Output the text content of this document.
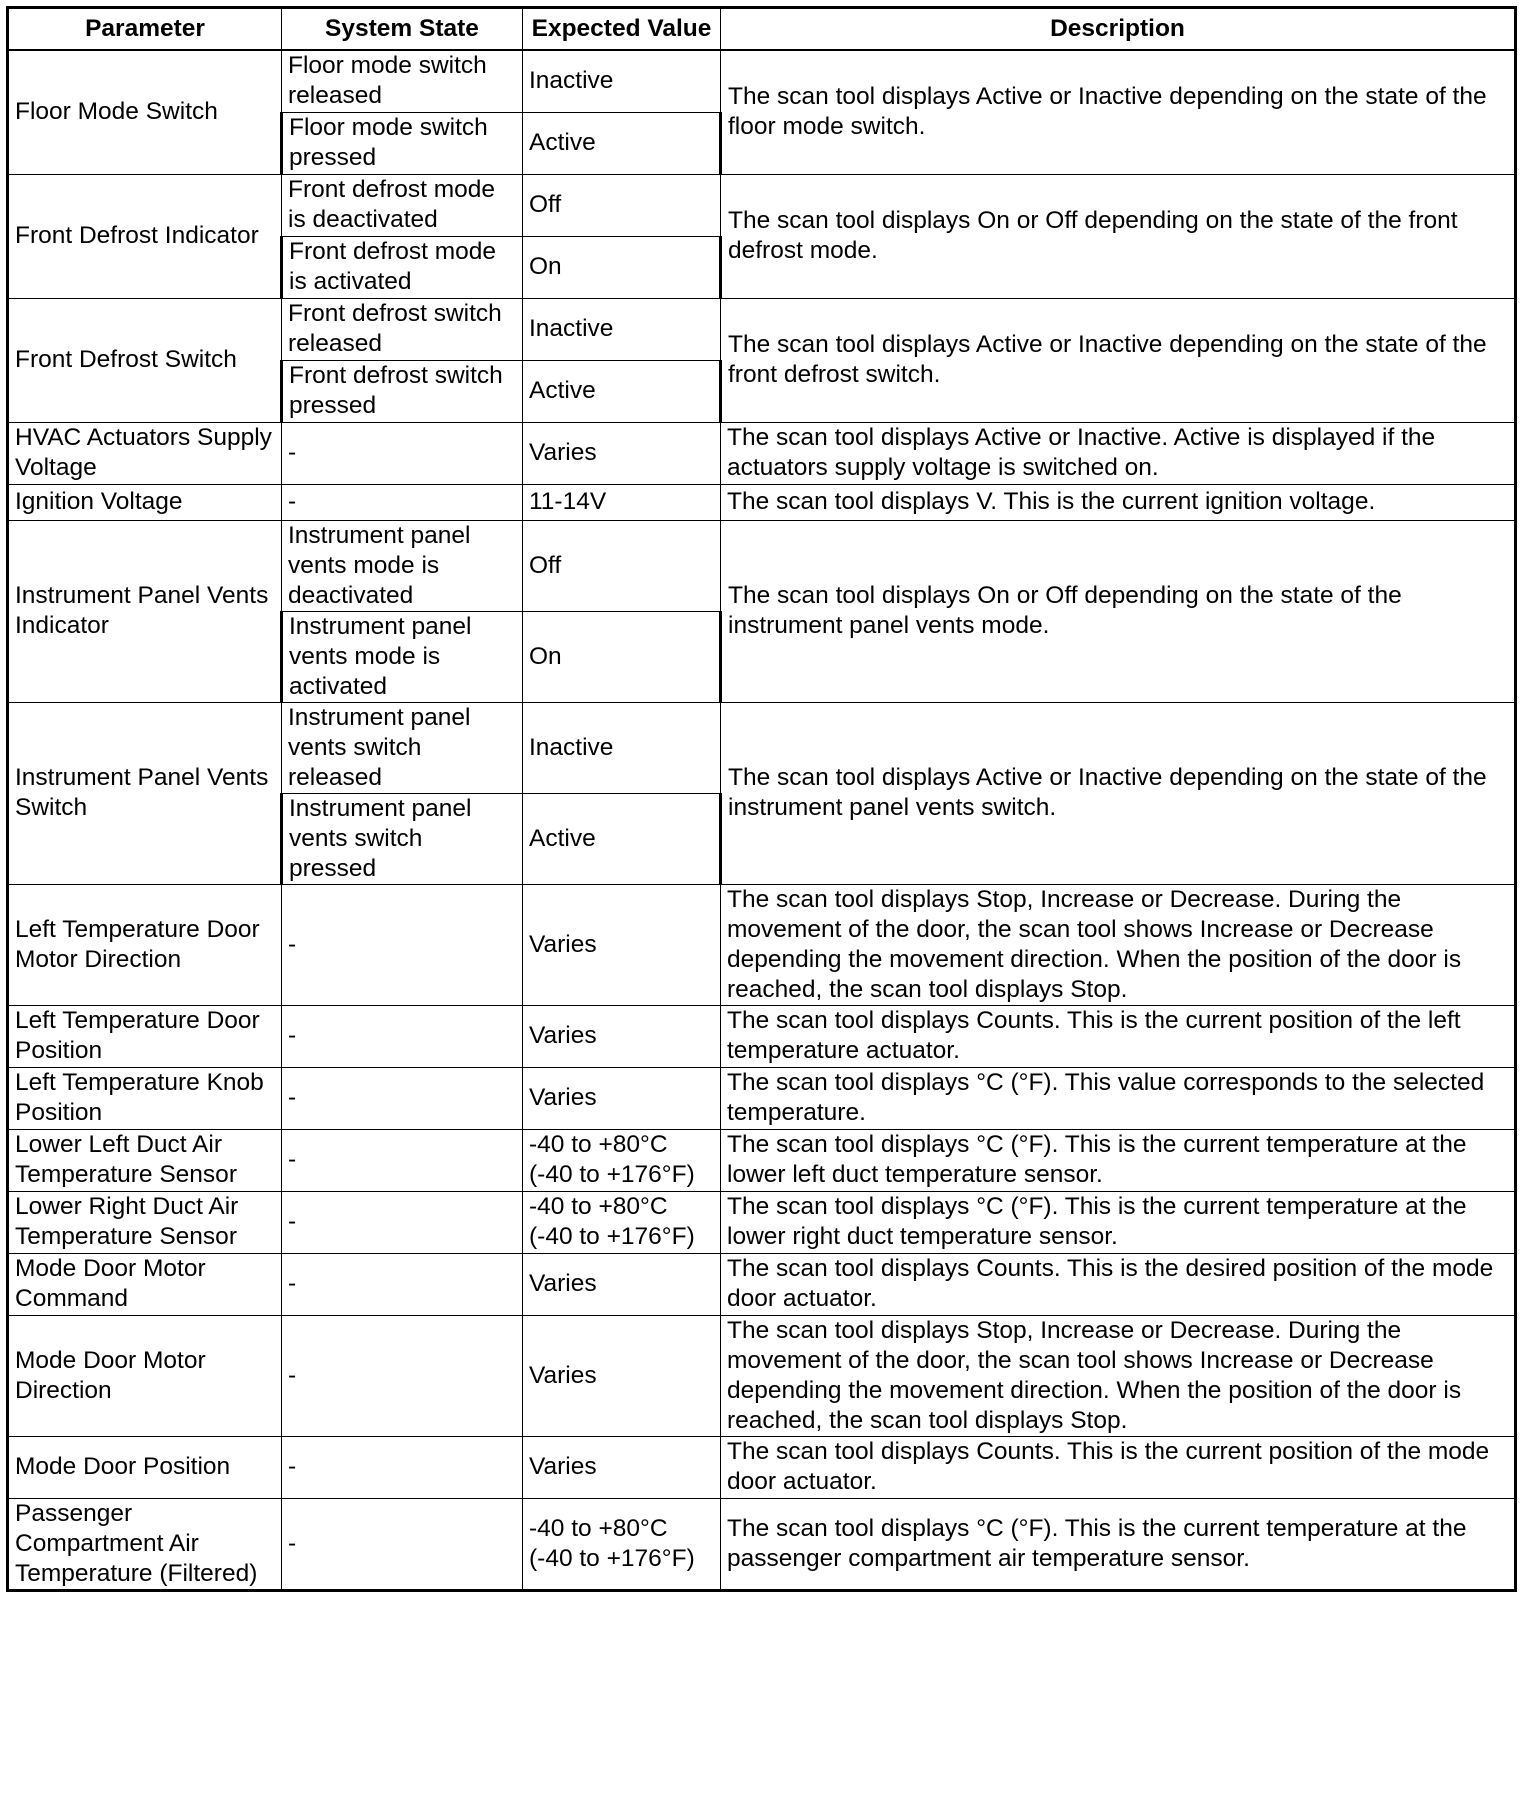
Parameter	System State	Expected Value	Description
Floor Mode Switch	Floor mode switch released	Inactive	The scan tool displays Active or Inactive depending on the state of the floor mode switch.
	Floor mode switch pressed	Active	
Front Defrost Indicator	Front defrost mode is deactivated	Off	The scan tool displays On or Off depending on the state of the front defrost mode.
	Front defrost mode is activated	On	
Front Defrost Switch	Front defrost switch released	Inactive	The scan tool displays Active or Inactive depending on the state of the front defrost switch.
	Front defrost switch pressed	Active	
HVAC Actuators Supply Voltage	-	Varies	The scan tool displays Active or Inactive. Active is displayed if the actuators supply voltage is switched on.
Ignition Voltage	-	11-14V	The scan tool displays V. This is the current ignition voltage.
Instrument Panel Vents Indicator	Instrument panel vents mode is deactivated	Off	The scan tool displays On or Off depending on the state of the instrument panel vents mode.
	Instrument panel vents mode is activated	On	
Instrument Panel Vents Switch	Instrument panel vents switch released	Inactive	The scan tool displays Active or Inactive depending on the state of the instrument panel vents switch.
	Instrument panel vents switch pressed	Active	
Left Temperature Door Motor Direction	-	Varies	The scan tool displays Stop, Increase or Decrease. During the movement of the door, the scan tool shows Increase or Decrease depending the movement direction. When the position of the door is reached, the scan tool displays Stop.
Left Temperature Door Position	-	Varies	The scan tool displays Counts. This is the current position of the left temperature actuator.
Left Temperature Knob Position	-	Varies	The scan tool displays °C (°F). This value corresponds to the selected temperature.
Lower Left Duct Air Temperature Sensor	-	-40 to +80°C (-40 to +176°F)	The scan tool displays °C (°F). This is the current temperature at the lower left duct temperature sensor.
Lower Right Duct Air Temperature Sensor	-	-40 to +80°C (-40 to +176°F)	The scan tool displays °C (°F). This is the current temperature at the lower right duct temperature sensor.
Mode Door Motor Command	-	Varies	The scan tool displays Counts. This is the desired position of the mode door actuator.
Mode Door Motor Direction	-	Varies	The scan tool displays Stop, Increase or Decrease. During the movement of the door, the scan tool shows Increase or Decrease depending the movement direction. When the position of the door is reached, the scan tool displays Stop.
Mode Door Position	-	Varies	The scan tool displays Counts. This is the current position of the mode door actuator.
Passenger Compartment Air Temperature (Filtered)	-	-40 to +80°C (-40 to +176°F)	The scan tool displays °C (°F). This is the current temperature at the passenger compartment air temperature sensor.
